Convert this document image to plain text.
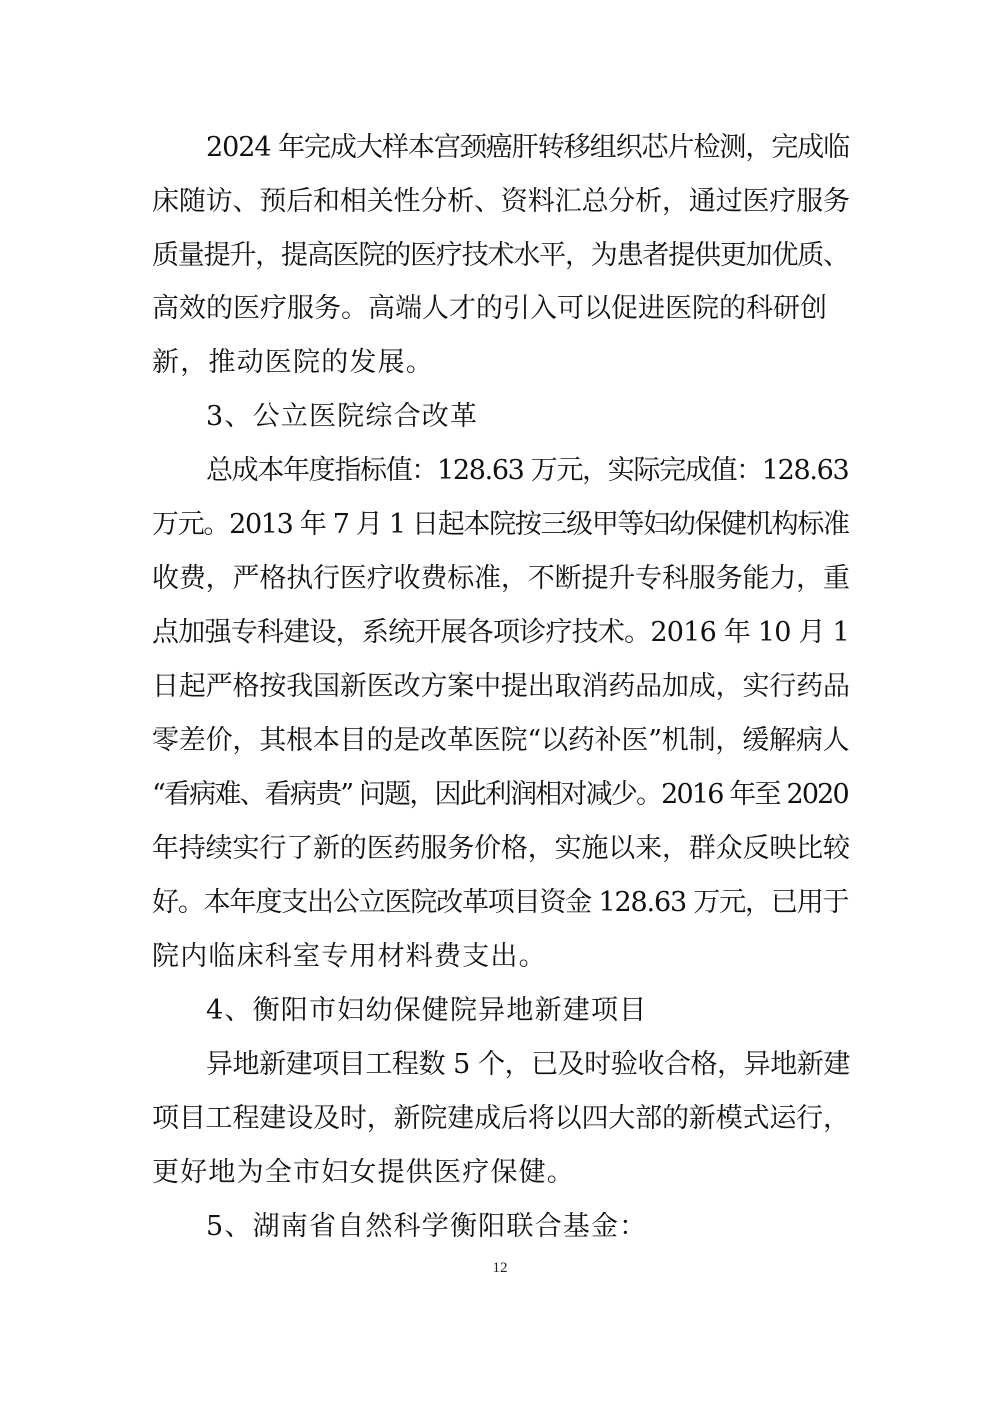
2024 年完成大样本宫颈癌肝转移组织芯片检测，完成临
床随访、预后和相关性分析、资料汇总分析，通过医疗服务
质量提升，提高医院的医疗技术水平，为患者提供更加优质、
高效的医疗服务。高端人才的引入可以促进医院的科研创
新，推动医院的发展。
3、公立医院综合改革
总成本年度指标值：128.63 万元，实际完成值：128.63
万元。2013 年 7 月 1 日起本院按三级甲等妇幼保健机构标准
收费，严格执行医疗收费标准，不断提升专科服务能力，重
点加强专科建设，系统开展各项诊疗技术。2016 年 10 月 1
日起严格按我国新医改方案中提出取消药品加成，实行药品
零差价，其根本目的是改革医院“以药补医”机制，缓解病人
“看病难、看病贵” 问题，因此利润相对减少。2016 年至 2020
年持续实行了新的医药服务价格，实施以来，群众反映比较
好。本年度支出公立医院改革项目资金 128.63 万元，已用于
院内临床科室专用材料费支出。
4、衡阳市妇幼保健院异地新建项目
异地新建项目工程数 5 个，已及时验收合格，异地新建
项目工程建设及时，新院建成后将以四大部的新模式运行，
更好地为全市妇女提供医疗保健。
5、湖南省自然科学衡阳联合基金：
12
